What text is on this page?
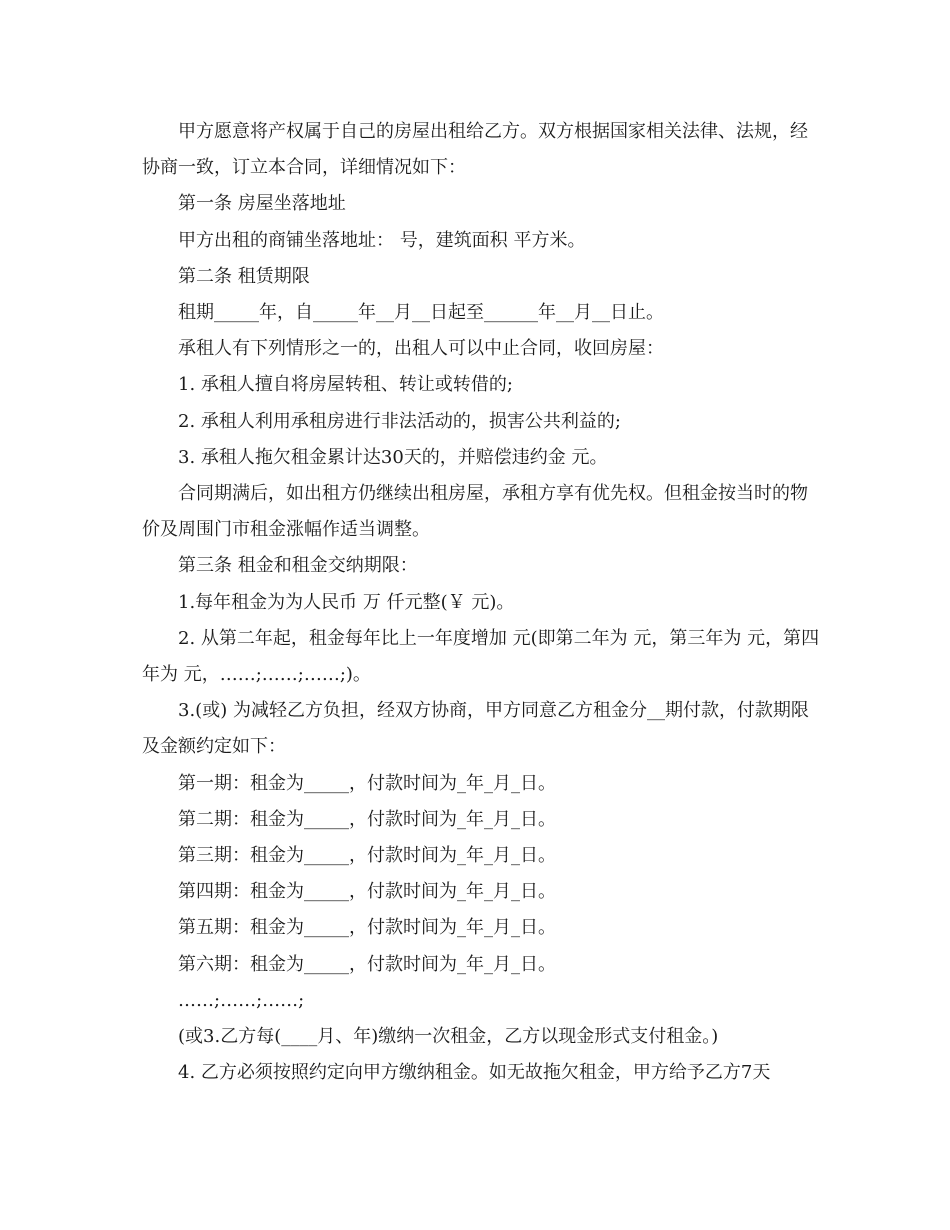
甲方愿意将产权属于自己的房屋出租给乙方。双方根据国家相关法律、法规，经协商一致，订立本合同，详细情况如下：

第一条 房屋坐落地址

甲方出租的商铺坐落地址： 号，建筑面积 平方米。

第二条 租赁期限

租期_____年，自_____年__月__日起至______年__月__日止。

承租人有下列情形之一的，出租人可以中止合同，收回房屋：

1. 承租人擅自将房屋转租、转让或转借的;

2. 承租人利用承租房进行非法活动的，损害公共利益的;

3. 承租人拖欠租金累计达30天的，并赔偿违约金 元。

合同期满后，如出租方仍继续出租房屋，承租方享有优先权。但租金按当时的物价及周围门市租金涨幅作适当调整。

第三条 租金和租金交纳期限：

1.每年租金为为人民币 万 仟元整(￥ 元)。

2. 从第二年起，租金每年比上一年度增加 元(即第二年为 元，第三年为 元，第四年为 元，……;……;……;)。

3.(或) 为减轻乙方负担，经双方协商，甲方同意乙方租金分__期付款，付款期限及金额约定如下：

第一期：租金为_____，付款时间为_年_月_日。

第二期：租金为_____，付款时间为_年_月_日。

第三期：租金为_____，付款时间为_年_月_日。

第四期：租金为_____，付款时间为_年_月_日。

第五期：租金为_____，付款时间为_年_月_日。

第六期：租金为_____，付款时间为_年_月_日。

……;……;……;

(或3.乙方每(____月、年)缴纳一次租金，乙方以现金形式支付租金。)

4. 乙方必须按照约定向甲方缴纳租金。如无故拖欠租金，甲方给予乙方7天
